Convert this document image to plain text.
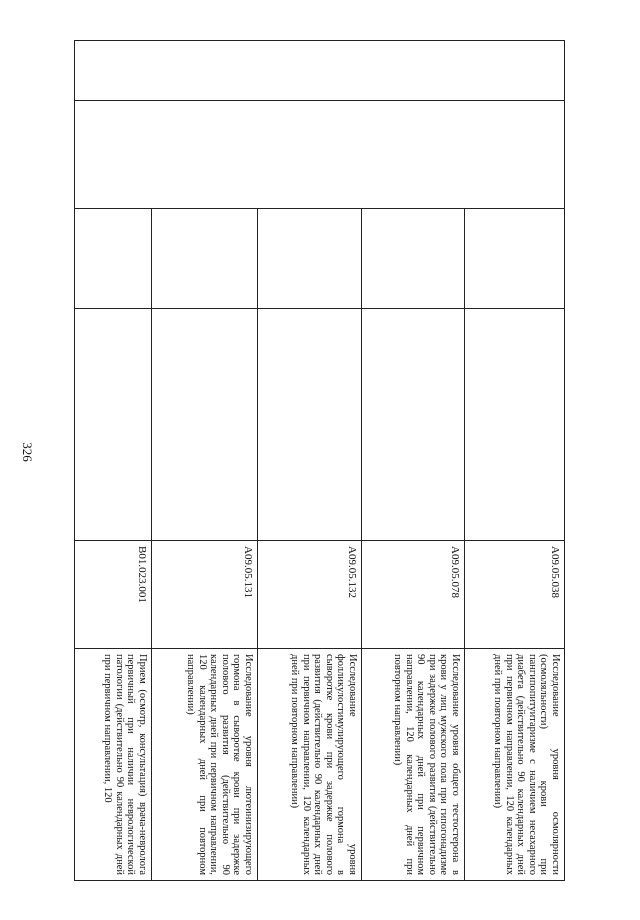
326
				A09.05.038	Исследование уровня осмолярности (осмоляльности) крови при пангипопитуитаризме с наличием несахарного диабета (действительно 90 календарных дней при первичном направлении, 120 календарных дней при повторном направлении)
				A09.05.078	Исследование уровня общего тестостерона в крови у лиц мужского пола при гипогонадизме при задержке полового развития (действительно 90 календарных дней при первичном направлении, 120 календарных дней при повторном направлении)
				A09.05.132	Исследование уровня фолликулостимулирующего гормона в сыворотке крови при задержке полового развития (действительно 90 календарных дней при первичном направлении, 120 календарных дней при повторном направлении)
				A09.05.131	Исследование уровня лютеинизирующего гормона в сыворотке крови при задержке полового развития (действительно 90 календарных дней при первичном направлении, 120 календарных дней при повторном направлении)
				B01.023.001	Прием (осмотр, консультация) врача-невролога первичный при наличии неврологической патологии (действительно 90 календарных дней при первичном направлении, 120
